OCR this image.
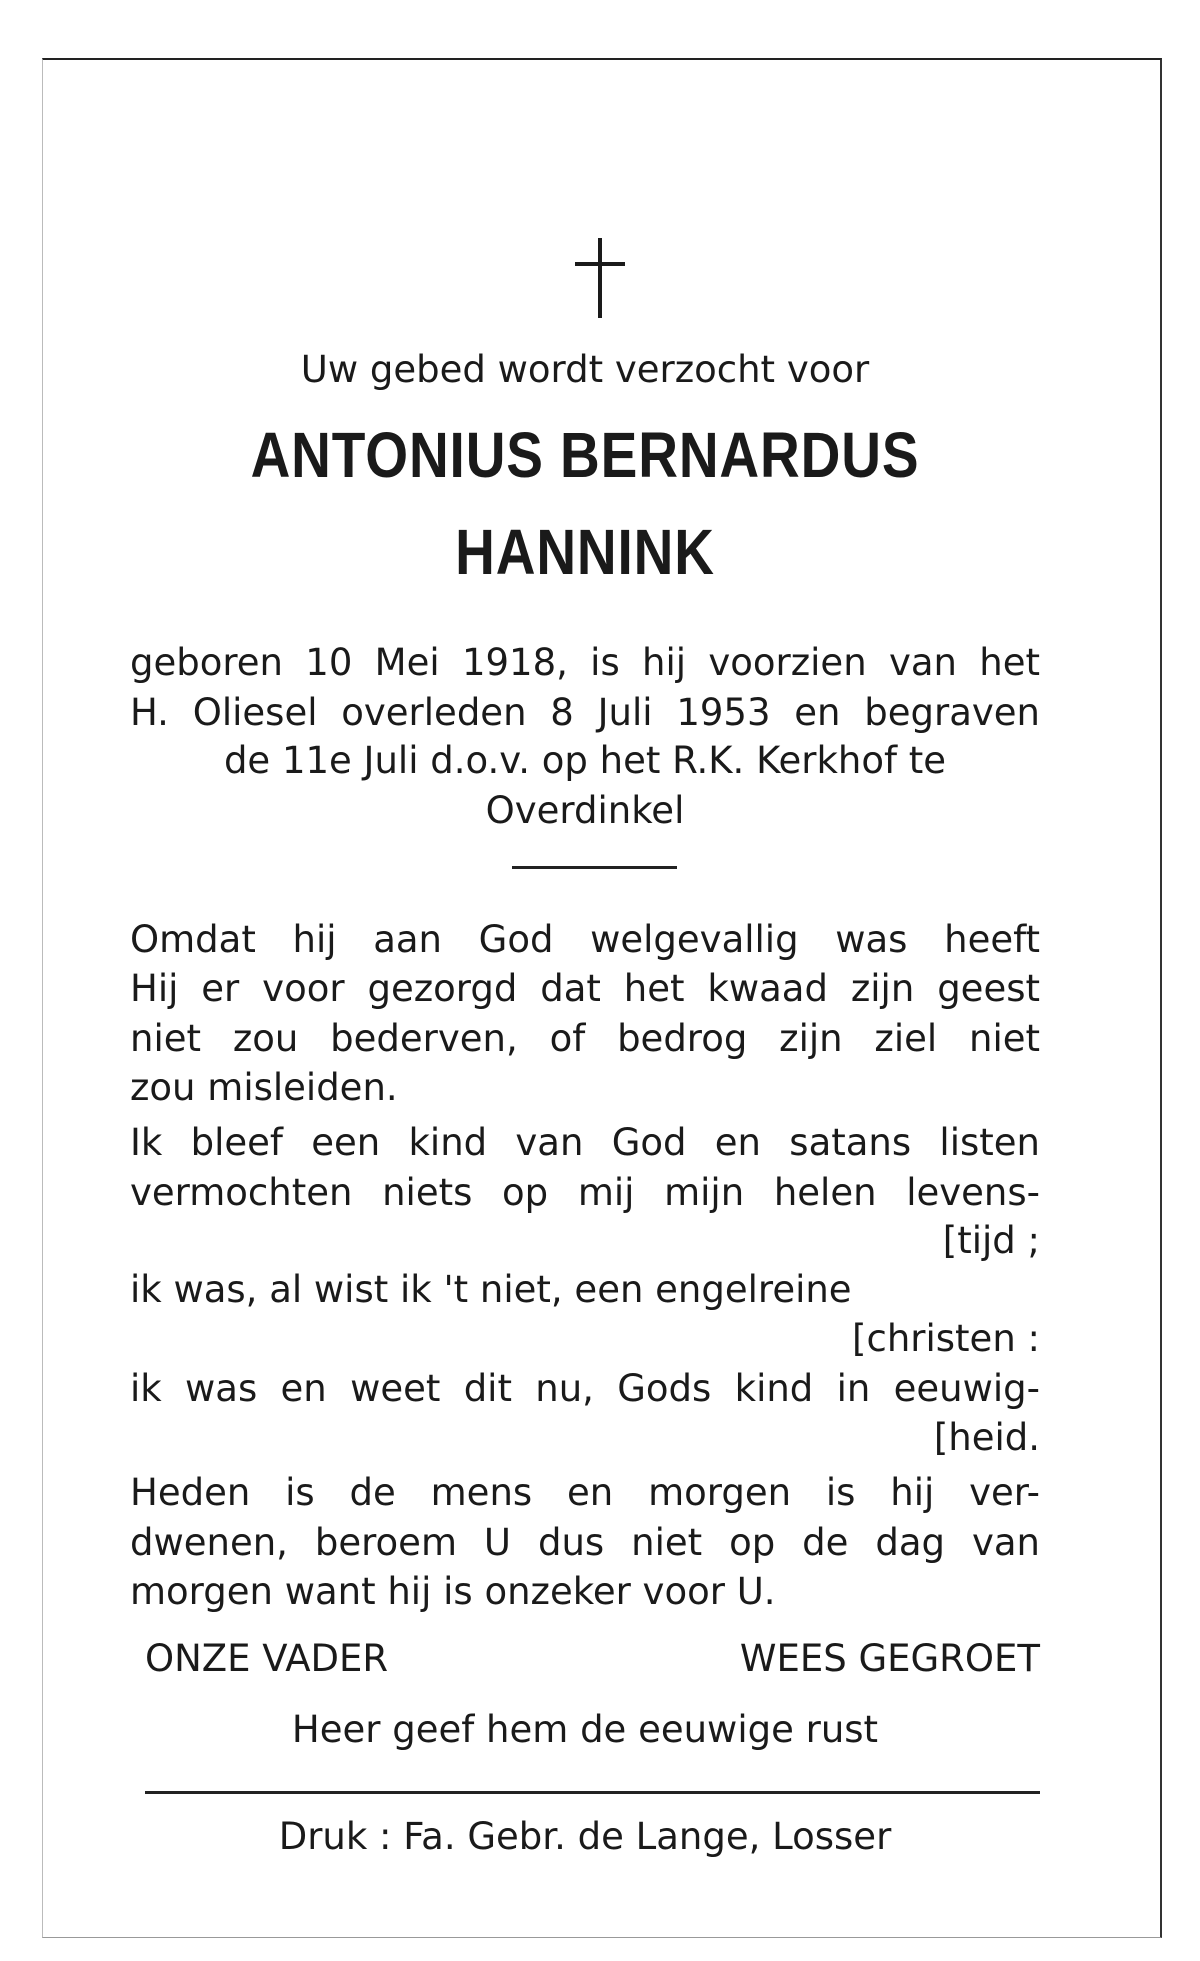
Uw gebed wordt verzocht voor
ANTONIUS BERNARDUS
HANNINK
geboren 10 Mei 1918, is hij voorzien van het
H. Oliesel overleden 8 Juli 1953 en begraven
de 11e Juli d.o.v. op het R.K. Kerkhof te
Overdinkel
Omdat hij aan God welgevallig was heeft
Hij er voor gezorgd dat het kwaad zijn geest
niet zou bederven, of bedrog zijn ziel niet
zou misleiden.
Ik bleef een kind van God en satans listen
vermochten niets op mij mijn helen levens-
[tijd ;
ik was, al wist ik 't niet, een engelreine
[christen :
ik was en weet dit nu, Gods kind in eeuwig-
[heid.
Heden is de mens en morgen is hij ver-
dwenen, beroem U dus niet op de dag van
morgen want hij is onzeker voor U.
ONZE VADER	WEES GEGROET
Heer geef hem de eeuwige rust
Druk : Fa. Gebr. de Lange, Losser
